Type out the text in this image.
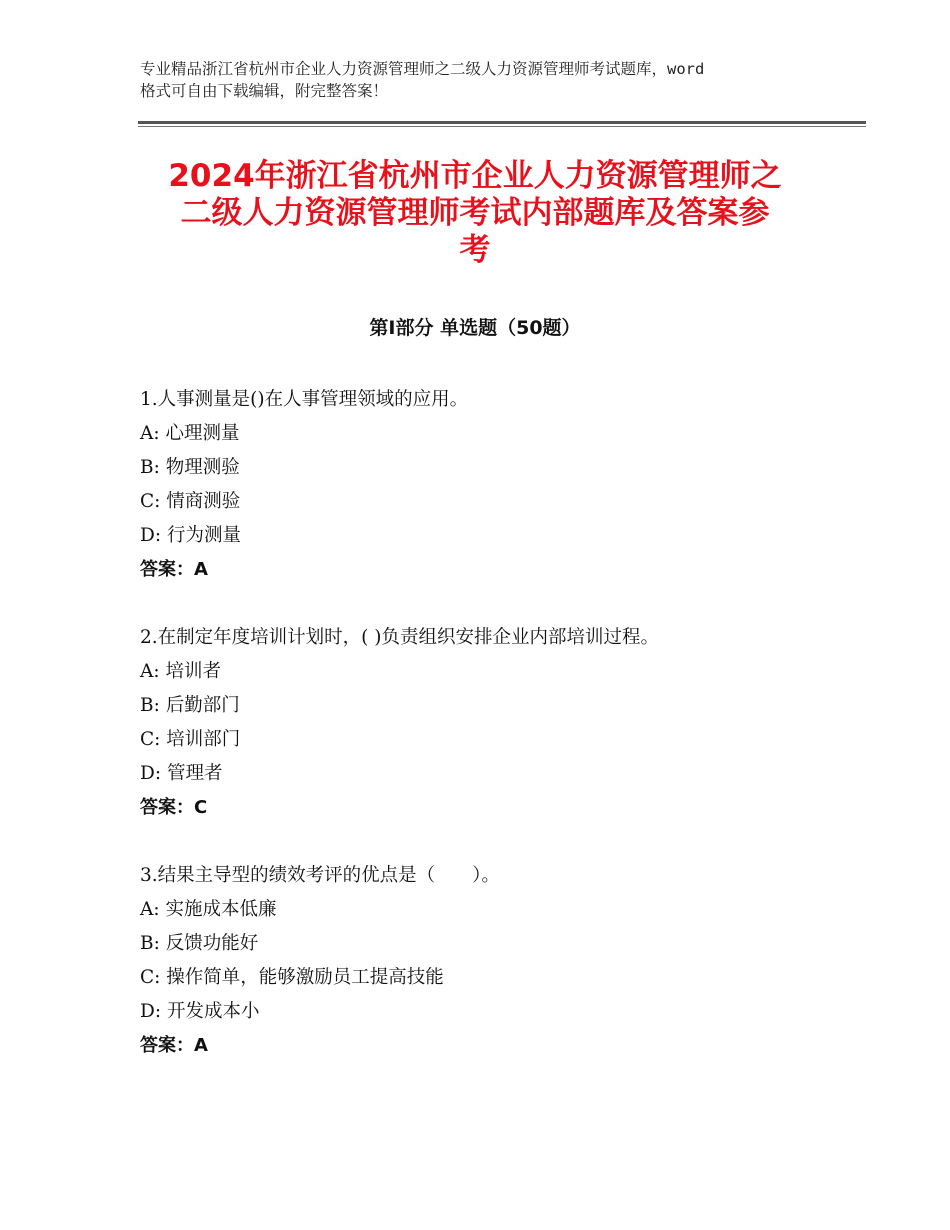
专业精品浙江省杭州市企业人力资源管理师之二级人力资源管理师考试题库，word
格式可自由下载编辑，附完整答案！
2024年浙江省杭州市企业人力资源管理师之
二级人力资源管理师考试内部题库及答案参
考
第Ⅰ部分 单选题（50题）
1.人事测量是()在人事管理领域的应用。
A: 心理测量
B: 物理测验
C: 情商测验
D: 行为测量
答案：A
2.在制定年度培训计划时，( )负责组织安排企业内部培训过程。
A: 培训者
B: 后勤部门
C: 培训部门
D: 管理者
答案：C
3.结果主导型的绩效考评的优点是（　　）。
A: 实施成本低廉
B: 反馈功能好
C: 操作简单，能够激励员工提高技能
D: 开发成本小
答案：A
